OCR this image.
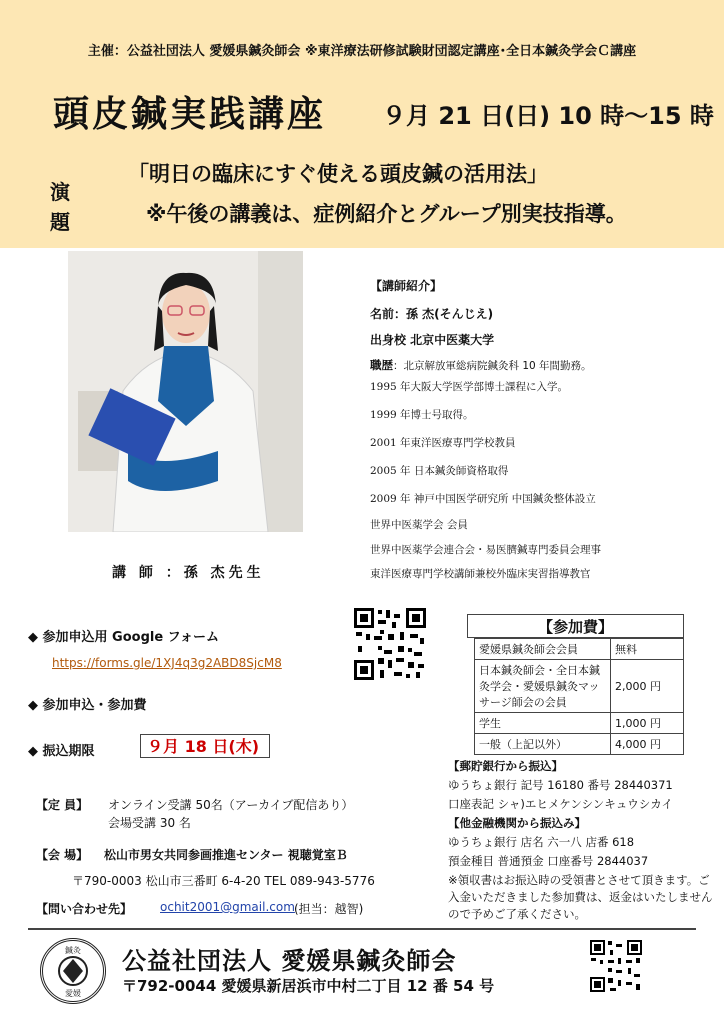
主催：公益社団法人 愛媛県鍼灸師会 ※東洋療法研修試験財団認定講座･全日本鍼灸学会Ｃ講座
頭皮鍼実践講座 ９月 21 日(日) 10 時～15 時
演
題
「明日の臨床にすぐ使える頭皮鍼の活用法」
※午後の講義は、症例紹介とグループ別実技指導。
講 師 ：孫 杰先生
【講師紹介】
名前：孫 杰(そんじえ)
出身校 北京中医薬大学
職歴：北京解放軍総病院鍼灸科 10 年間勤務。
1995 年大阪大学医学部博士課程に入学。
1999 年博士号取得。
2001 年東洋医療専門学校教員
2005 年 日本鍼灸師資格取得
2009 年 神戸中国医学研究所 中国鍼灸整体設立
世界中医薬学会 会員
世界中医薬学会連合会・易医臍鍼専門委員会理事
東洋医療専門学校講師兼校外臨床実習指導教官
◆ 参加申込用 Google フォーム
https://forms.gle/1XJ4q3g2ABD8SjcM8
◆ 参加申込・参加費
◆ 振込期限	９月 18 日(木)
【参加費】
愛媛県鍼灸師会会員	無料
日本鍼灸師会・全日本鍼灸学会・愛媛県鍼灸マッサージ師会の会員	2,000 円
学生	1,000 円
一般（上記以外）	4,000 円
【定 員】 オンライン受講 50名（アーカイブ配信あり）
会場受講 30 名
【会 場】 松山市男女共同参画推進センター 視聴覚室Ｂ
〒790-0003 松山市三番町 6-4-20 TEL 089-943-5776
【問い合わせ先】 ochit2001@gmail.com (担当：越智)
【郵貯銀行から振込】
ゆうちょ銀行 記号 16180 番号 28440371
口座表記 シャ)エヒメケンシンキュウシカイ
【他金融機関から振込み】
ゆうちょ銀行 店名 六一八 店番 618
預金種目 普通預金 口座番号 2844037
※領収書はお振込時の受領書とさせて頂きます。ご
入金いただきました参加費は、返金はいたしません
ので予めご了承ください。
鍼灸
愛媛
公益社団法人 愛媛県鍼灸師会
〒792-0044 愛媛県新居浜市中村二丁目 12 番 54 号
